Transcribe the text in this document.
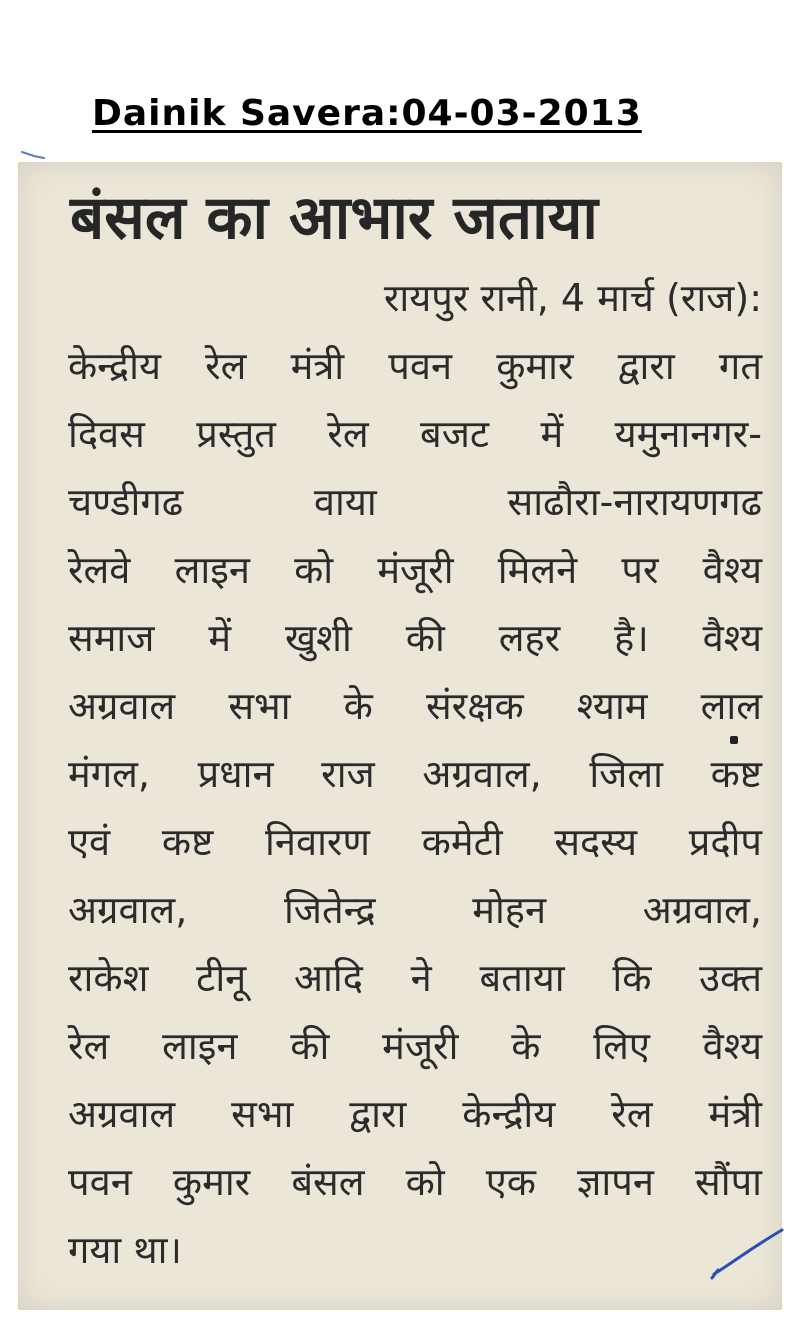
Dainik Savera:04-03-2013
बंसल का आभार जताया
रायपुर रानी, 4 मार्च (राज):
केन्द्रीय रेल मंत्री पवन कुमार द्वारा गत
दिवस प्रस्तुत रेल बजट में यमुनानगर-
चण्डीगढ वाया साढौरा-नारायणगढ
रेलवे लाइन को मंजूरी मिलने पर वैश्य
समाज में खुशी की लहर है। वैश्य
अग्रवाल सभा के संरक्षक श्याम लाल
मंगल, प्रधान राज अग्रवाल, जिला कष्ट
एवं कष्ट निवारण कमेटी सदस्य प्रदीप
अग्रवाल, जितेन्द्र मोहन अग्रवाल,
राकेश टीनू आदि ने बताया कि उक्त
रेल लाइन की मंजूरी के लिए वैश्य
अग्रवाल सभा द्वारा केन्द्रीय रेल मंत्री
पवन कुमार बंसल को एक ज्ञापन सौंपा
गया था।
